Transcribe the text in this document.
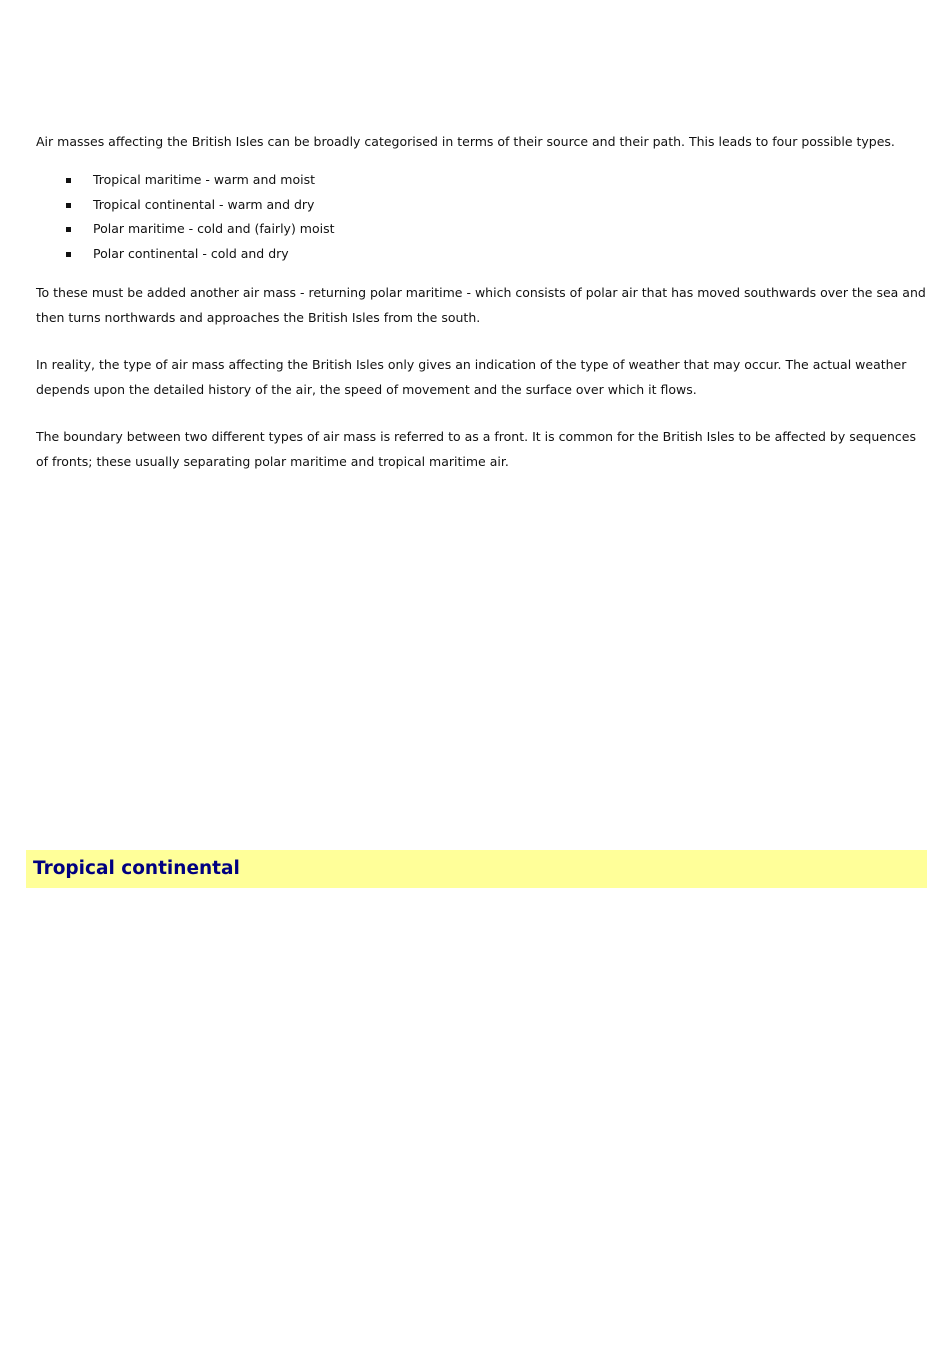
Air masses affecting the British Isles can be broadly categorised in terms of their source and their path. This leads to four possible types.

Tropical maritime - warm and moist
Tropical continental - warm and dry
Polar maritime - cold and (fairly) moist
Polar continental - cold and dry

To these must be added another air mass - returning polar maritime - which consists of polar air that has moved southwards over the sea and then turns northwards and approaches the British Isles from the south.

In reality, the type of air mass affecting the British Isles only gives an indication of the type of weather that may occur. The actual weather depends upon the detailed history of the air, the speed of movement and the surface over which it flows.

The boundary between two different types of air mass is referred to as a front. It is common for the British Isles to be affected by sequences of fronts; these usually separating polar maritime and tropical maritime air.

Tropical continental
